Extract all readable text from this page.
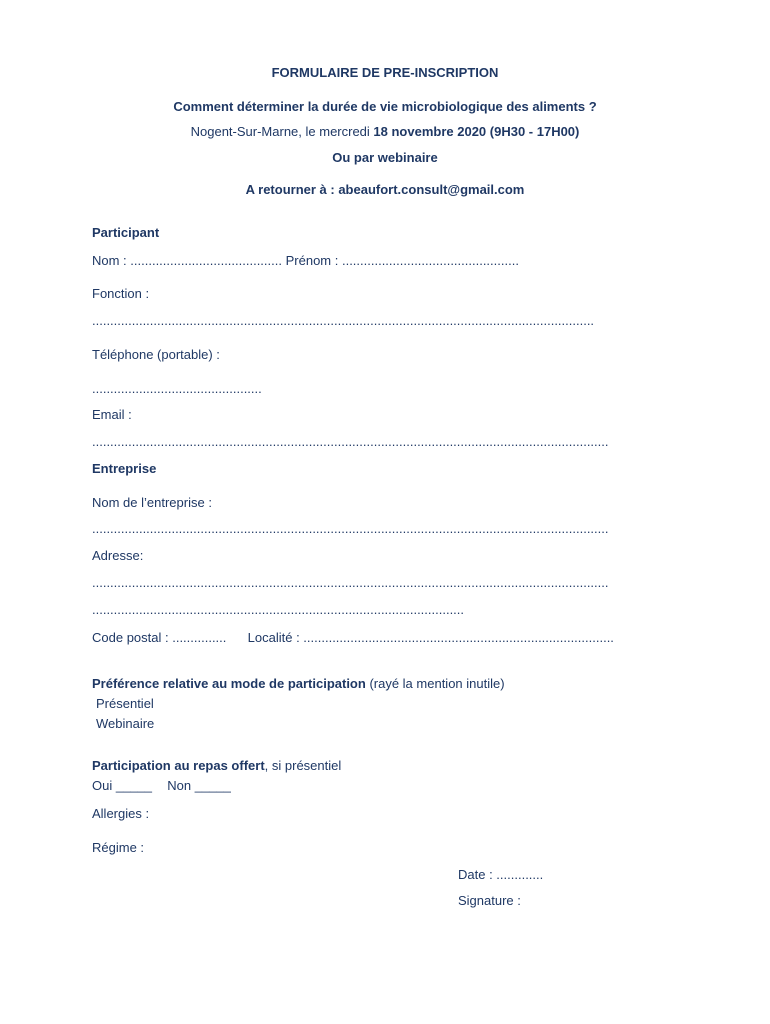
FORMULAIRE DE PRE-INSCRIPTION
Comment déterminer la durée de vie microbiologique des aliments ?
Nogent-Sur-Marne, le mercredi 18 novembre 2020 (9H30 - 17H00)
Ou par webinaire
A retourner à : abeaufort.consult@gmail.com
Participant
Nom : .......................................... Prénom : .................................................
Fonction :
...........................................................................................................................................
Téléphone (portable) :
...............................................
Email :
...............................................................................................................................................
Entreprise
Nom de l’entreprise :
...............................................................................................................................................
Adresse:
...............................................................................................................................................
.......................................................................................................
Code postal : ............... Localité : ......................................................................................
Préférence relative au mode de participation (rayé la mention inutile)
Présentiel
Webinaire
Participation au repas offert, si présentiel
Oui _____ Non _____
Allergies :
Régime :
Date : .............
Signature :
